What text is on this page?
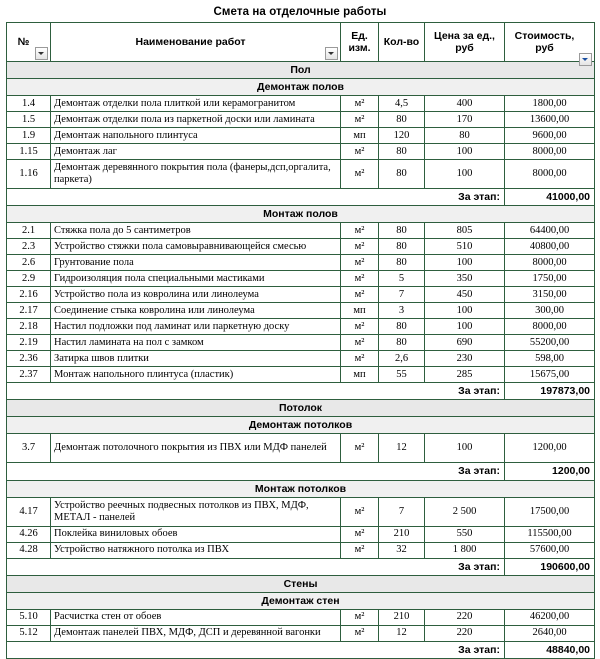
Смета на отделочные работы
№	Наименование работ	Ед. изм.	Кол-во	Цена за ед., руб	Стоимость, руб

Пол					
Демонтаж полов					
1.4	Демонтаж отделки пола плиткой или керамогранитом	м²	4,5	400	1800,00
1.5	Демонтаж отделки пола из паркетной доски или ламината	м²	80	170	13600,00
1.9	Демонтаж напольного плинтуса	мп	120	80	9600,00
1.15	Демонтаж лаг	м²	80	100	8000,00
1.16	Демонтаж деревянного покрытия пола (фанеры,дсп,оргалита, паркета)	м²	80	100	8000,00
За этап:					41000,00
Монтаж полов					
2.1	Стяжка пола до 5 сантиметров	м²	80	805	64400,00
2.3	Устройство стяжки пола самовыравнивающейся смесью	м²	80	510	40800,00
2.6	Грунтование пола	м²	80	100	8000,00
2.9	Гидроизоляция пола специальными мастиками	м²	5	350	1750,00
2.16	Устройство пола из ковролина или линолеума	м²	7	450	3150,00
2.17	Соединение стыка ковролина или линолеума	мп	3	100	300,00
2.18	Настил подложки под ламинат или паркетную доску	м²	80	100	8000,00
2.19	Настил ламината на пол с замком	м²	80	690	55200,00
2.36	Затирка швов плитки	м²	2,6	230	598,00
2.37	Монтаж напольного плинтуса (пластик)	мп	55	285	15675,00
За этап:					197873,00
Потолок					
Демонтаж потолков					
3.7	Демонтаж потолочного покрытия из ПВХ или МДФ панелей	м²	12	100	1200,00
За этап:					1200,00
Монтаж потолков					
4.17	Устройство реечных подвесных потолков из ПВХ, МДФ, МЕТАЛ - панелей	м²	7	2 500	17500,00
4.26	Поклейка виниловых обоев	м²	210	550	115500,00
4.28	Устройство натяжного потолка из ПВХ	м²	32	1 800	57600,00
За этап:					190600,00
Стены					
Демонтаж стен					
5.10	Расчистка стен от обоев	м²	210	220	46200,00
5.12	Демонтаж панелей ПВХ, МДФ, ДСП и деревянной вагонки	м²	12	220	2640,00
За этап:					48840,00
